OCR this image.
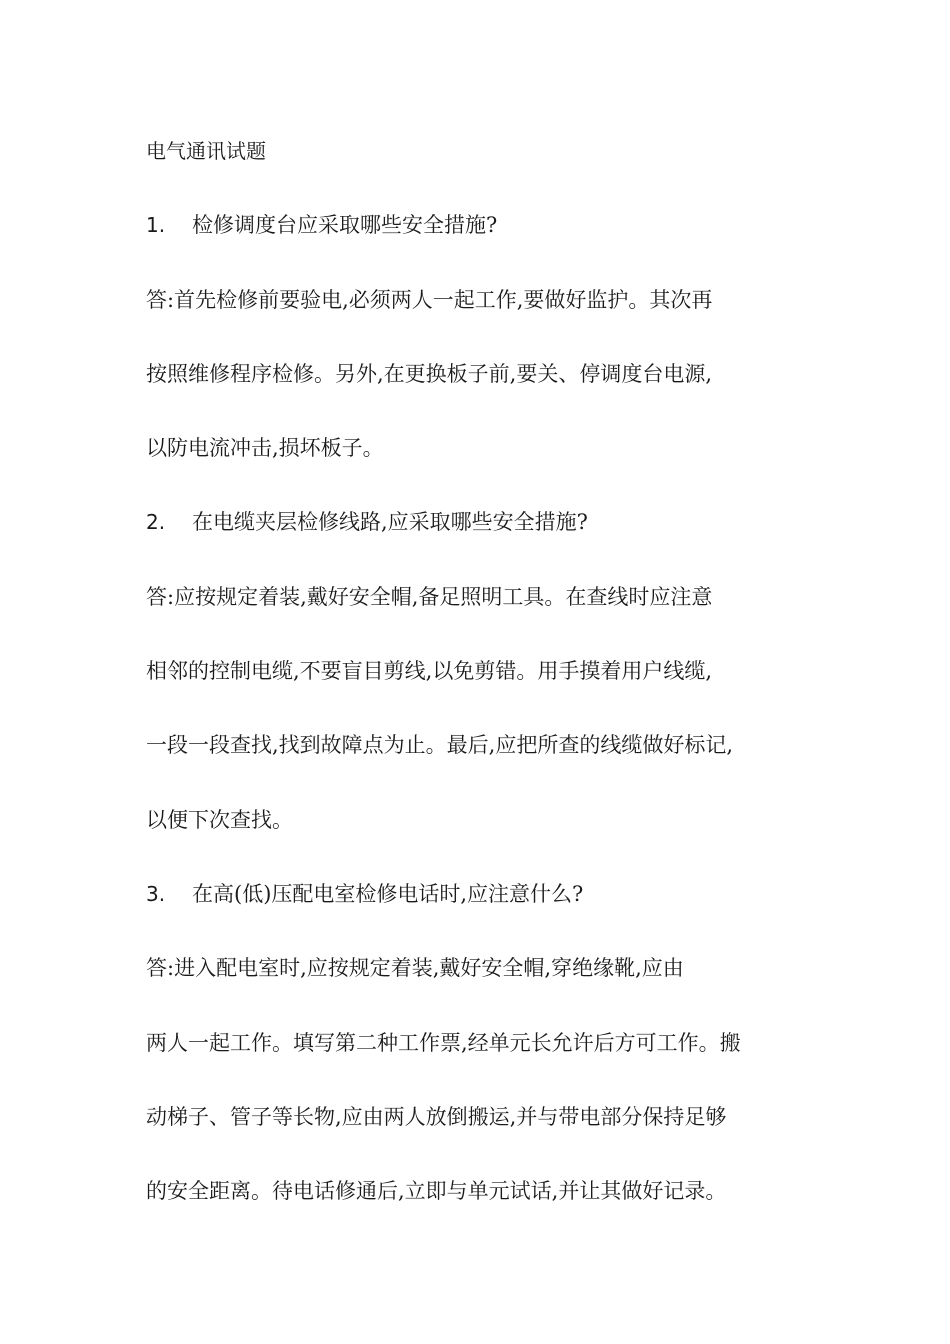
电气通讯试题
1.	检修调度台应采取哪些安全措施?
答:首先检修前要验电,必须两人一起工作,要做好监护。其次再
按照维修程序检修。另外,在更换板子前,要关、停调度台电源,
以防电流冲击,损坏板子。
2.	在电缆夹层检修线路,应采取哪些安全措施?
答:应按规定着装,戴好安全帽,备足照明工具。在查线时应注意
相邻的控制电缆,不要盲目剪线,以免剪错。用手摸着用户线缆,
一段一段查找,找到故障点为止。最后,应把所查的线缆做好标记,
以便下次查找。
3.	在高(低)压配电室检修电话时,应注意什么?
答:进入配电室时,应按规定着装,戴好安全帽,穿绝缘靴,应由
两人一起工作。填写第二种工作票,经单元长允许后方可工作。搬
动梯子、管子等长物,应由两人放倒搬运,并与带电部分保持足够
的安全距离。待电话修通后,立即与单元试话,并让其做好记录。
